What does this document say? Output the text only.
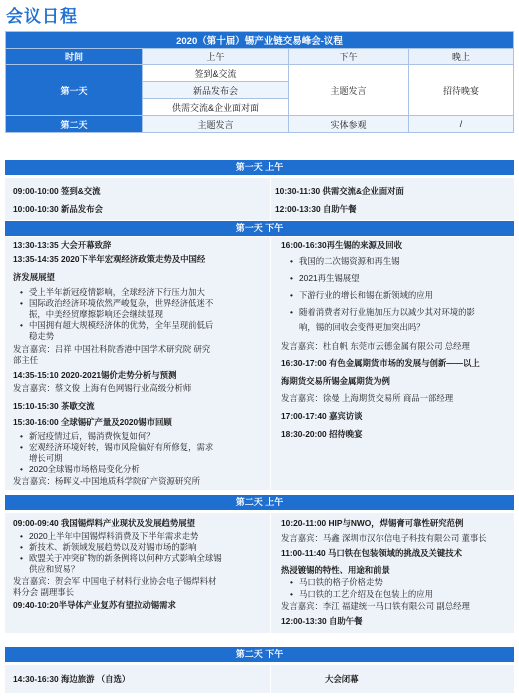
会议日程
2020（第十届）锡产业链交易峰会-议程			
时间	上午	下午	晚上
第一天	签到&交流	主题发言	招待晚宴
	新品发布会		
	供需交流&企业面对面		
第二天	主题发言	实体参观	/
第一天 上午
09:00-10:00 签到&交流
10:00-10:30 新品发布会
10:30-11:30 供需交流&企业面对面
12:00-13:30 自助午餐
第一天 下午
13:30-13:35 大会开幕致辞
13:35-14:35 2020下半年宏观经济政策走势及中国经
济发展展望
• 受上半年新冠疫情影响，全球经济下行压力加大
• 国际政治经济环境依然严峻复杂，世界经济低迷不
振，中美经贸摩擦影响还会继续显现
• 中国拥有超大规模经济体的优势，全年呈现前低后
稳走势
发言嘉宾：吕祥 中国社科院香港中国学术研究院 研究
部主任
14:35-15:10 2020-2021锡价走势分析与预测
发言嘉宾：蔡文俊 上海有色网锡行业高级分析师
15:10-15:30 茶歇交流
15:30-16:00 全球锡矿产量及2020锡市回顾
• 新冠疫情过后，锡消费恢复如何？
• 宏观经济环境好转，锡市风险偏好有所修复，需求
增长可期
• 2020全球锡市场格局变化分析
发言嘉宾：杨晖义-中国地质科学院矿产资源研究所
16:00-16:30再生锡的来源及回收
• 我国的二次锡资源和再生锡
• 2021再生锡展望
• 下游行业的增长和锡在新领域的应用
• 随着消费者对行业施加压力以减少其对环境的影
响，锡的回收会变得更加突出吗？
发言嘉宾：杜自帆 东莞市云德金属有限公司 总经理
16:30-17:00 有色金属期货市场的发展与创新——以上
海期货交易所锡金属期货为例
发言嘉宾：徐曼 上海期货交易所 商品一部经理
17:00-17:40 嘉宾访谈
18:30-20:00 招待晚宴
第二天 上午
09:00-09:40 我国锡焊料产业现状及发展趋势展望
• 2020上半年中国锡焊料消费及下半年需求走势
• 新技术、新领域发展趋势以及对锡市场的影响
• 欧盟关于冲突矿物的新条例将以何种方式影响全球锡
供应和贸易？
发言嘉宾：贺会军 中国电子材料行业协会电子锡焊料材
料分会 副理事长
09:40-10:20半导体产业复苏有望拉动锡需求
10:20-11:00 HIP与NWO，焊锡膏可靠性研究范例
发言嘉宾：马鑫 深圳市汉尔信电子科技有限公司 董事长
11:00-11:40 马口铁在包装领域的挑战及关键技术
热浸镀锡的特性、用途和前景
• 马口铁的格子价格走势
• 马口铁的工艺介绍及在包装上的应用
发言嘉宾：李江 福建统一马口铁有限公司 副总经理
12:00-13:30 自助午餐
第二天 下午
14:30-16:30 海边旅游 （自选）	大会闭幕
